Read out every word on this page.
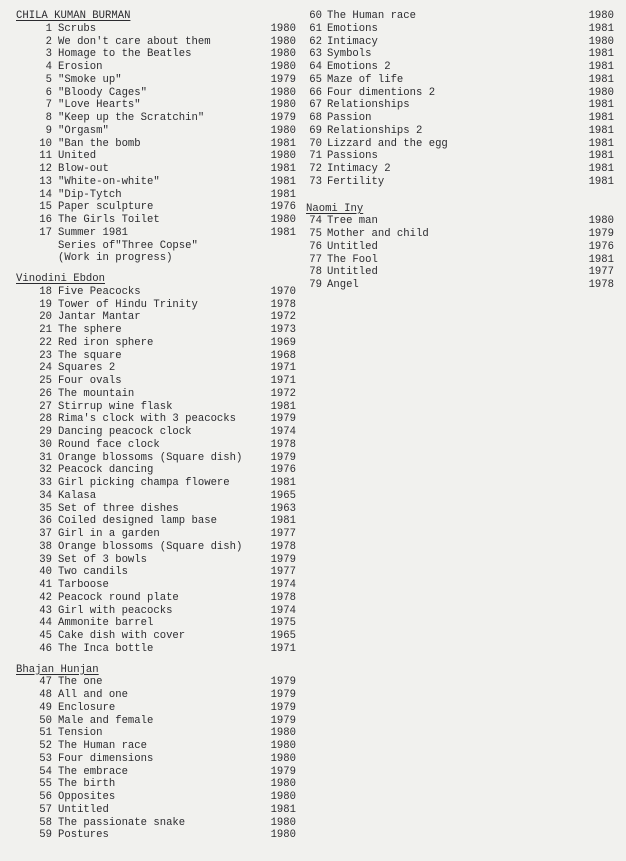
CHILA KUMAN BURMAN
1 Scrubs	1980
2 We don't care about them	1980
3 Homage to the Beatles	1980
4 Erosion	1980
5 "Smoke up"	1979
6 "Bloody Cages"	1980
7 "Love Hearts"	1980
8 "Keep up the Scratchin"	1979
9 "Orgasm"	1980
10 "Ban the bomb	1981
11 United	1980
12 Blow-out	1981
13 "White-on-white"	1981
14 "Dip-Tytch	1981
15 Paper sculpture	1976
16 The Girls Toilet	1980
17 Summer 1981	1981
Series of"Three Copse"
(Work in progress)
Vinodini Ebdon
18 Five Peacocks	1970
19 Tower of Hindu Trinity	1978
20 Jantar Mantar	1972
21 The sphere	1973
22 Red iron sphere	1969
23 The square	1968
24 Squares 2	1971
25 Four ovals	1971
26 The mountain	1972
27 Stirrup wine flask	1981
28 Rima's clock with 3 peacocks	1979
29 Dancing peacock clock	1974
30 Round face clock	1978
31 Orange blossoms (Square dish)	1979
32 Peacock dancing	1976
33 Girl picking champa flowere	1981
34 Kalasa	1965
35 Set of three dishes	1963
36 Coiled designed lamp base	1981
37 Girl in a garden	1977
38 Orange blossoms (Square dish)	1978
39 Set of 3 bowls	1979
40 Two candils	1977
41 Tarboose	1974
42 Peacock round plate	1978
43 Girl with peacocks	1974
44 Ammonite barrel	1975
45 Cake dish with cover	1965
46 The Inca bottle	1971
Bhajan Hunjan
47 The one	1979
48 All and one	1979
49 Enclosure	1979
50 Male and female	1979
51 Tension	1980
52 The Human race	1980
53 Four dimensions	1980
54 The embrace	1979
55 The birth	1980
56 Opposites	1980
57 Untitled	1981
58 The passionate snake	1980
59 Postures	1980
60 The Human race	1980
61 Emotions	1981
62 Intimacy	1980
63 Symbols	1981
64 Emotions 2	1981
65 Maze of life	1981
66 Four dimentions 2	1980
67 Relationships	1981
68 Passion	1981
69 Relationships 2	1981
70 Lizzard and the egg	1981
71 Passions	1981
72 Intimacy 2	1981
73 Fertility	1981
Naomi Iny
74 Tree man	1980
75 Mother and child	1979
76 Untitled	1976
77 The Fool	1981
78 Untitled	1977
79 Angel	1978
